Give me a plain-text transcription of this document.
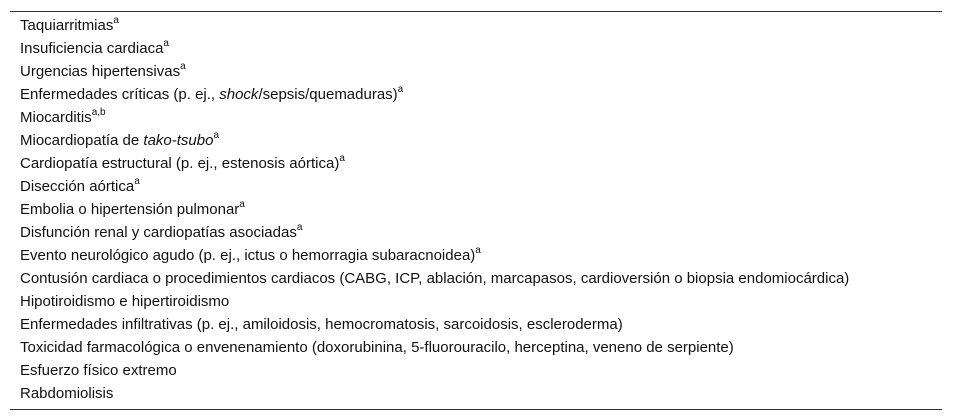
Taquiarritmias$^a$
Insuficiencia cardiaca$^a$
Urgencias hipertensivas$^a$
Enfermedades críticas (p. ej., shock/sepsis/quemaduras)$^a$
Miocarditis$^{a,b}$
Miocardiopatía de tako-tsubo$^a$
Cardiopatía estructural (p. ej., estenosis aórtica)$^a$
Disección aórtica$^a$
Embolia o hipertensión pulmonar$^a$
Disfunción renal y cardiopatías asociadas$^a$
Evento neurológico agudo (p. ej., ictus o hemorragia subaracnoidea)$^a$
Contusión cardiaca o procedimientos cardiacos (CABG, ICP, ablación, marcapasos, cardioversión o biopsia endomiocárdica)
Hipotiroidismo e hipertiroidismo
Enfermedades infiltrativas (p. ej., amiloidosis, hemocromatosis, sarcoidosis, escleroderma)
Toxicidad farmacológica o envenenamiento (doxorubinina, 5-fluorouracilo, herceptina, veneno de serpiente)
Esfuerzo físico extremo
Rabdomiolisis
